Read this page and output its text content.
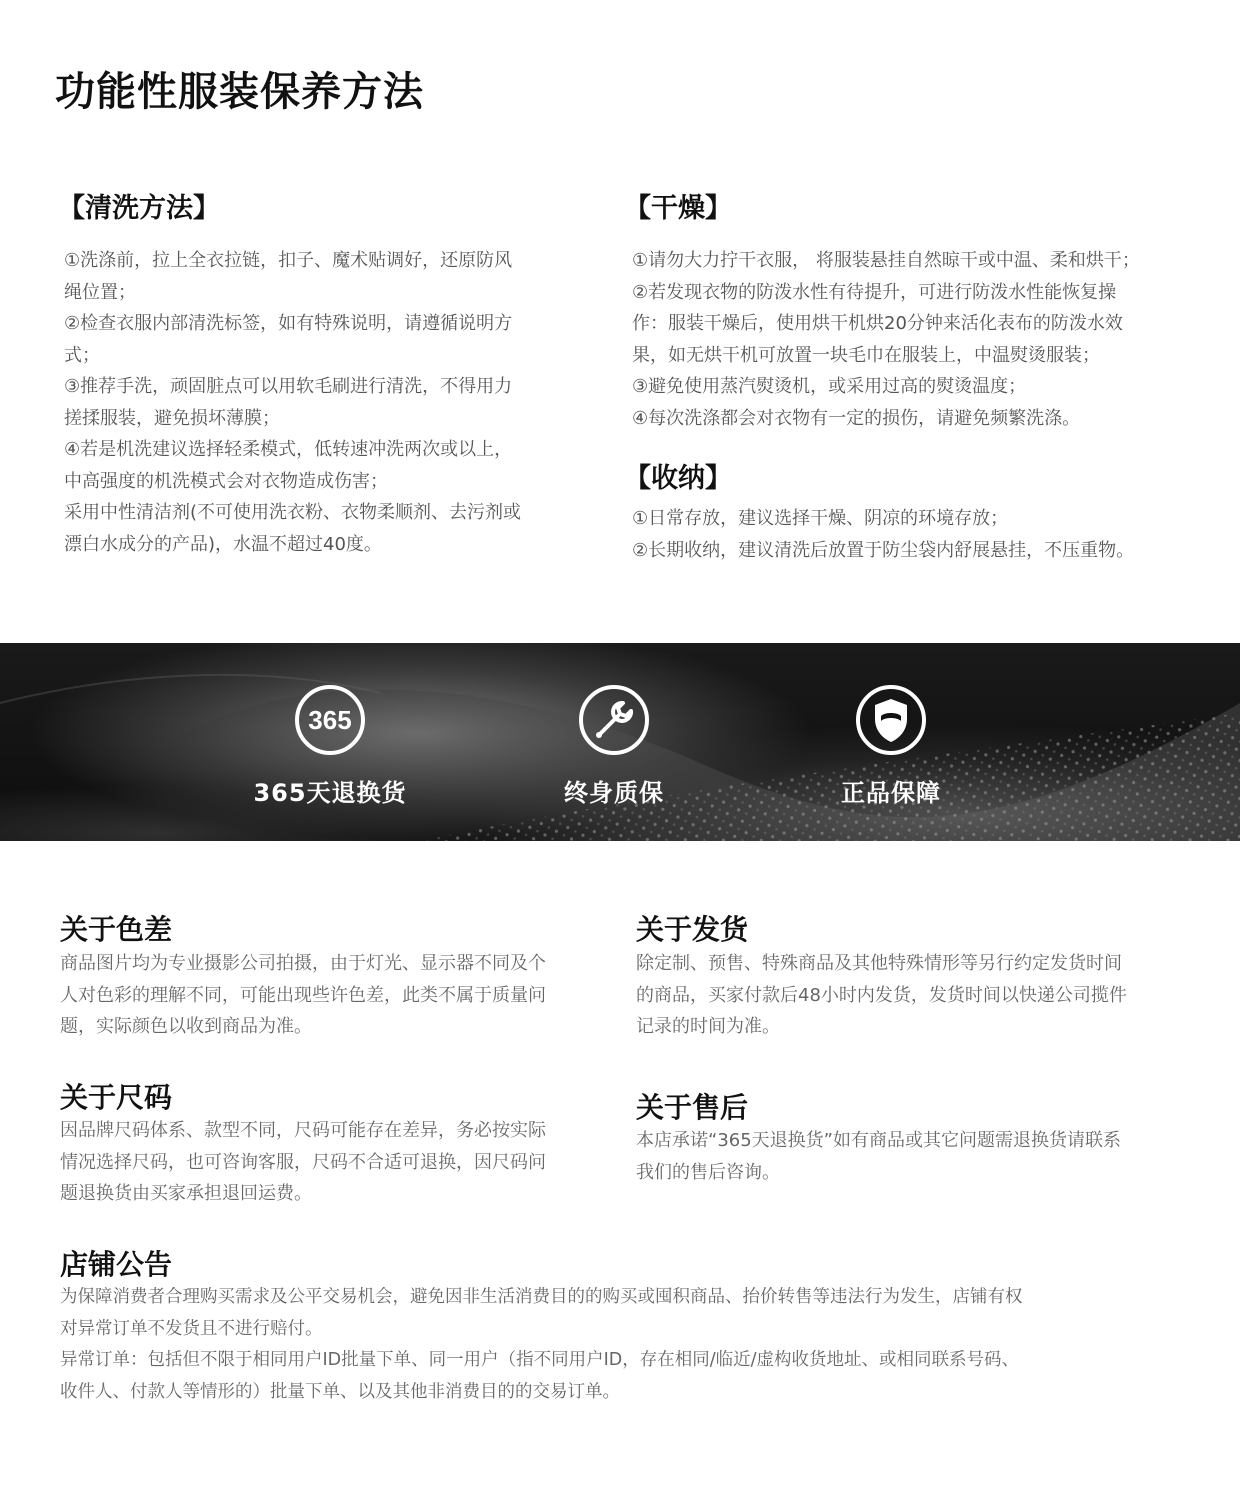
功能性服装保养方法
【清洗方法】
①洗涤前，拉上全衣拉链，扣子、魔术贴调好，还原防风
绳位置；
②检查衣服内部清洗标签，如有特殊说明，请遵循说明方
式；
③推荐手洗，顽固脏点可以用软毛刷进行清洗，不得用力
搓揉服装，避免损坏薄膜；
④若是机洗建议选择轻柔模式，低转速冲洗两次或以上，
中高强度的机洗模式会对衣物造成伤害；
采用中性清洁剂(不可使用洗衣粉、衣物柔顺剂、去污剂或
漂白水成分的产品)，水温不超过40度。
【干燥】
①请勿大力拧干衣服， 将服装悬挂自然晾干或中温、柔和烘干；
②若发现衣物的防泼水性有待提升，可进行防泼水性能恢复操
作：服装干燥后，使用烘干机烘20分钟来活化表布的防泼水效
果，如无烘干机可放置一块毛巾在服装上，中温熨烫服装；
③避免使用蒸汽熨烫机，或采用过高的熨烫温度；
④每次洗涤都会对衣物有一定的损伤，请避免频繁洗涤。
【收纳】
①日常存放，建议选择干燥、阴凉的环境存放；
②长期收纳，建议清洗后放置于防尘袋内舒展悬挂，不压重物。
365
365天退换货	终身质保	正品保障
关于色差
商品图片均为专业摄影公司拍摄，由于灯光、显示器不同及个
人对色彩的理解不同，可能出现些许色差，此类不属于质量问
题，实际颜色以收到商品为准。
关于发货
除定制、预售、特殊商品及其他特殊情形等另行约定发货时间
的商品，买家付款后48小时内发货，发货时间以快递公司揽件
记录的时间为准。
关于尺码
因品牌尺码体系、款型不同，尺码可能存在差异，务必按实际
情况选择尺码，也可咨询客服，尺码不合适可退换，因尺码问
题退换货由买家承担退回运费。
关于售后
本店承诺“365天退换货”如有商品或其它问题需退换货请联系
我们的售后咨询。
店铺公告
为保障消费者合理购买需求及公平交易机会，避免因非生活消费目的的购买或囤积商品、抬价转售等违法行为发生，店铺有权
对异常订单不发货且不进行赔付。
异常订单：包括但不限于相同用户ID批量下单、同一用户（指不同用户ID，存在相同/临近/虚构收货地址、或相同联系号码、
收件人、付款人等情形的）批量下单、以及其他非消费目的的交易订单。
